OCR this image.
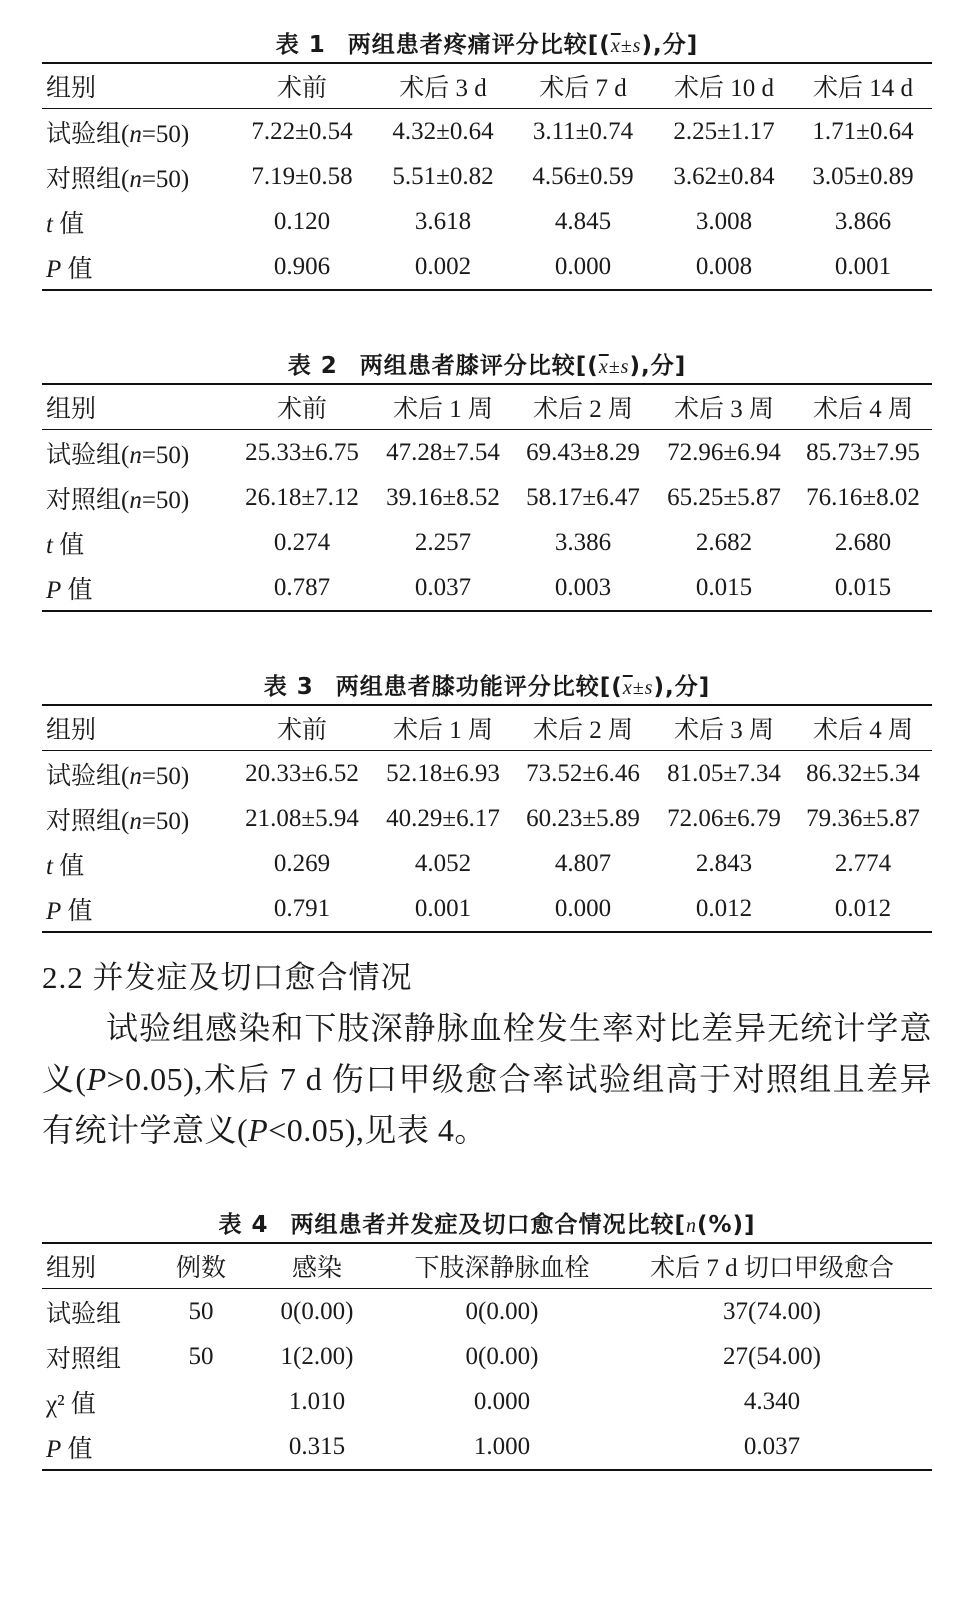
表 1 两组患者疼痛评分比较[$(\overline{x}\pm s)$,分]

组别	术前	术后 3 d	术后 7 d	术后 10 d	术后 14 d
试验组(n=50)	7.22±0.54	4.32±0.64	3.11±0.74	2.25±1.17	1.71±0.64
对照组(n=50)	7.19±0.58	5.51±0.82	4.56±0.59	3.62±0.84	3.05±0.89
t 值	0.120	3.618	4.845	3.008	3.866
P 值	0.906	0.002	0.000	0.008	0.001

表 2 两组患者膝评分比较[$(\overline{x}\pm s)$,分]

组别	术前	术后 1 周	术后 2 周	术后 3 周	术后 4 周
试验组(n=50)	25.33±6.75	47.28±7.54	69.43±8.29	72.96±6.94	85.73±7.95
对照组(n=50)	26.18±7.12	39.16±8.52	58.17±6.47	65.25±5.87	76.16±8.02
t 值	0.274	2.257	3.386	2.682	2.680
P 值	0.787	0.037	0.003	0.015	0.015

表 3 两组患者膝功能评分比较[$(\overline{x}\pm s)$,分]

组别	术前	术后 1 周	术后 2 周	术后 3 周	术后 4 周
试验组(n=50)	20.33±6.52	52.18±6.93	73.52±6.46	81.05±7.34	86.32±5.34
对照组(n=50)	21.08±5.94	40.29±6.17	60.23±5.89	72.06±6.79	79.36±5.87
t 值	0.269	4.052	4.807	2.843	2.774
P 值	0.791	0.001	0.000	0.012	0.012

2.2 并发症及切口愈合情况

试验组感染和下肢深静脉血栓发生率对比差异无统计学意义(P>0.05),术后 7 d 伤口甲级愈合率试验组高于对照组且差异有统计学意义(P<0.05),见表 4。

表 4 两组患者并发症及切口愈合情况比较[n(%)]

组别	例数	感染	下肢深静脉血栓	术后 7 d 切口甲级愈合
试验组	50	0(0.00)	0(0.00)	37(74.00)
对照组	50	1(2.00)	0(0.00)	27(54.00)
χ² 值		1.010	0.000	4.340
P 值		0.315	1.000	0.037
